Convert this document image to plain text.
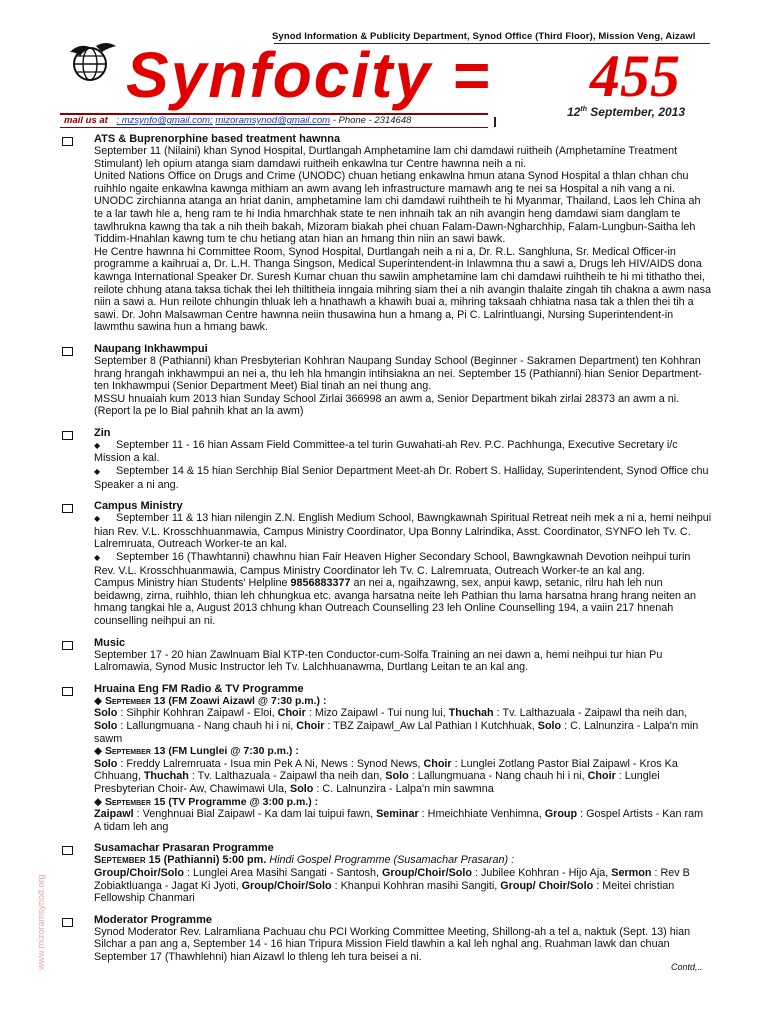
Synod Information & Publicity Department, Synod Office (Third Floor), Mission Veng, Aizawl
Synfocity = 455
12th September, 2013
mail us at : mzsynfo@gmail.com; mizoramsynod@gmail.com - Phone - 2314648
www.mizoramsynod.org
ATS & Buprenorphine based treatment hawnna
September 11 (Nilaini) khan Synod Hospital, Durtlangah Amphetamine lam chi damdawi ruitheih (Amphetamine Treatment Stimulant) leh opium atanga siam damdawi ruitheih enkawlna tur Centre hawnna neih a ni.
United Nations Office on Drugs and Crime (UNODC) chuan hetiang enkawlna hmun atana Synod Hospital a thlan chhan chu ruihhlo ngaite enkawlna kawnga mithiam an awm avang leh infrastructure mamawh ang te nei sa Hospital a nih vang a ni. UNODC zirchianna atanga an hriat danin, amphetamine lam chi damdawi ruihtheih te hi Myanmar, Thailand, Laos leh China ah te a lar tawh hle a, heng ram te hi India hmarchhak state te nen inhnaih tak an nih avangin heng damdawi siam danglam te tawlhrukna kawng tha tak a nih theih bakah, Mizoram biakah phei chuan Falam-Dawn-Ngharchhip, Falam-Lungbun-Saitha leh Tiddim-Hnahlan kawng tum te chu hetiang atan hian an hmang thin niin an sawi bawk.
He Centre hawnna hi Committee Room, Synod Hospital, Durtlangah neih a ni a, Dr. R.L. Sanghluna, Sr. Medical Officer-in programme a kaihruai a, Dr. L.H. Thanga Singson, Medical Superintendent-in Inlawmna thu a sawi a, Drugs leh HIV/AIDS dona kawnga International Speaker Dr. Suresh Kumar chuan thu sawiin amphetamine lam chi damdawi ruihtheih te hi mi tithatho thei, reilote chhung atana taksa tichak thei leh thiltitheia inngaia mihring siam thei a nih avangin thalaite zingah tih chakna a awm nasa niin a sawi a. Hun reilote chhungin thluak leh a hnathawh a khawih buai a, mihring taksaah chhiatna nasa tak a thlen thei tih a sawi. Dr. John Malsawman Centre hawnna neiin thusawina hun a hmang a, Pi C. Lalrintluangi, Nursing Superintendent-in lawmthu sawina hun a hmang bawk.
Naupang Inkhawmpui
September 8 (Pathianni) khan Presbyterian Kohhran Naupang Sunday School (Beginner - Sakramen Department) ten Kohhran hrang hrangah inkhawmpui an nei a, thu leh hla hmangin intihsiakna an nei. September 15 (Pathianni) hian Senior Department-ten Inkhawmpui (Senior Department Meet) Bial tinah an nei thung ang.
MSSU hnuaiah kum 2013 hian Sunday School Zirlai 366998 an awm a, Senior Department bikah zirlai 28373 an awm a ni. (Report la pe lo Bial pahnih khat an la awm)
Zin
◆ September 11 - 16 hian Assam Field Committee-a tel turin Guwahati-ah Rev. P.C. Pachhunga, Executive Secretary i/c Mission a kal.
◆ September 14 & 15 hian Serchhip Bial Senior Department Meet-ah Dr. Robert S. Halliday, Superintendent, Synod Office chu Speaker a ni ang.
Campus Ministry
◆ September 11 & 13 hian nilengin Z.N. English Medium School, Bawngkawnah Spiritual Retreat neih mek a ni a, hemi neihpui hian Rev. V.L. Krosschhuanmawia, Campus Ministry Coordinator, Upa Bonny Lalrindika, Asst. Coordinator, SYNFO leh Tv. C. Lalremruata, Outreach Worker-te an kal.
◆ September 16 (Thawhtanni) chawhnu hian Fair Heaven Higher Secondary School, Bawngkawnah Devotion neihpui turin Rev. V.L. Krosschhuanmawia, Campus Ministry Coordinator leh Tv. C. Lalremruata, Outreach Worker-te an kal ang.
Campus Ministry hian Students' Helpline 9856883377 an nei a, ngaihzawng, sex, anpui kawp, setanic, rilru hah leh nun beidawng, zirna, ruihhlo, thian leh chhungkua etc. avanga harsatna neite leh Pathian thu lama harsatna hrang hrang neiten an hmang tangkai hle a, August 2013 chhung khan Outreach Counselling 23 leh Online Counselling 194, a vaiin 217 hnenah counselling neihpui an ni.
Music
September 17 - 20 hian Zawlnuam Bial KTP-ten Conductor-cum-Solfa Training an nei dawn a, hemi neihpui tur hian Pu Lalromawia, Synod Music Instructor leh Tv. Lalchhuanawma, Durtlang Leitan te an kal ang.
Hruaina Eng FM Radio & TV Programme
◆ September 13 (FM Zoawi Aizawl @ 7:30 p.m.) :
Solo : Sihphir Kohhran Zaipawl - Eloi, Choir : Mizo Zaipawl - Tui nung lui, Thuchah : Tv. Lalthazuala - Zaipawl tha neih dan, Solo : Lallungmuana - Nang chauh hi i ni, Choir : TBZ Zaipawl_Aw Lal Pathian I Kutchhuak, Solo : C. Lalnunzira - Lalpa'n min sawm
◆ September 13 (FM Lunglei @ 7:30 p.m.) :
Solo : Freddy Lalremruata - Isua min Pek A Ni, News : Synod News, Choir : Lunglei Zotlang Pastor Bial Zaipawl - Kros Ka Chhuang, Thuchah : Tv. Lalthazuala - Zaipawl tha neih dan, Solo : Lallungmuana - Nang chauh hi i ni, Choir : Lunglei Presbyterian Choir- Aw, Chawimawi Ula, Solo : C. Lalnunzira - Lalpa'n min sawmna
◆ September 15 (TV Programme @ 3:00 p.m.) :
Zaipawl : Venghnuai Bial Zaipawl - Ka dam lai tuipui fawn, Seminar : Hmeichhiate Venhimna, Group : Gospel Artists - Kan ram A tidam leh ang
Susamachar Prasaran Programme
September 15 (Pathianni) 5:00 pm. Hindi Gospel Programme (Susamachar Prasaran) :
Group/Choir/Solo : Lunglei Area Masihi Sangati - Santosh, Group/Choir/Solo : Jubilee Kohhran - Hijo Aja, Sermon : Rev B Zobiaktluanga - Jagat Ki Jyoti, Group/Choir/Solo : Khanpui Kohhran masihi Sangiti, Group/ Choir/Solo : Meitei christian Fellowship Chanmari
Moderator Programme
Synod Moderator Rev. Lalramliana Pachuau chu PCI Working Committee Meeting, Shillong-ah a tel a, naktuk (Sept. 13) hian Silchar a pan ang a, September 14 - 16 hian Tripura Mission Field tlawhin a kal leh nghal ang. Ruahman lawk dan chuan September 17 (Thawhlehni) hian Aizawl lo thleng leh tura beisei a ni.
Contd,..
